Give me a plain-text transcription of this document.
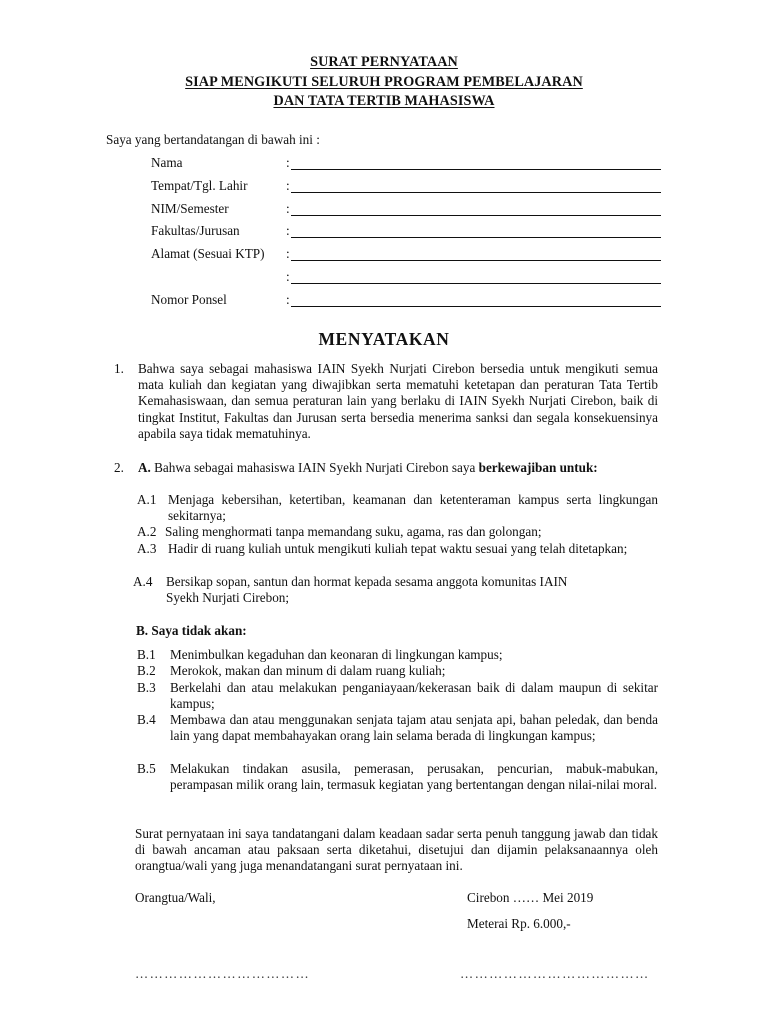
SURAT PERNYATAAN
SIAP MENGIKUTI SELURUH PROGRAM PEMBELAJARAN
DAN TATA TERTIB MAHASISWA
Saya yang bertandatangan di bawah ini :
Nama	:
Tempat/Tgl. Lahir	:
NIM/Semester	:
Fakultas/Jurusan	:
Alamat (Sesuai KTP) :
:
Nomor Ponsel	:
MENYATAKAN
1. Bahwa saya sebagai mahasiswa IAIN Syekh Nurjati Cirebon bersedia untuk mengikuti semua mata kuliah dan kegiatan yang diwajibkan serta mematuhi ketetapan dan peraturan Tata Tertib Kemahasiswaan, dan semua peraturan lain yang berlaku di IAIN Syekh Nurjati Cirebon, baik di tingkat Institut, Fakultas dan Jurusan serta bersedia menerima sanksi dan segala konsekuensinya apabila saya tidak mematuhinya.
2. A. Bahwa sebagai mahasiswa IAIN Syekh Nurjati Cirebon saya berkewajiban untuk:
A.1 Menjaga kebersihan, ketertiban, keamanan dan ketenteraman kampus serta lingkungan sekitarnya;
A.2 Saling menghormati tanpa memandang suku, agama, ras dan golongan;
A.3 Hadir di ruang kuliah untuk mengikuti kuliah tepat waktu sesuai yang telah ditetapkan;
A.4 Bersikap sopan, santun dan hormat kepada sesama anggota komunitas IAIN Syekh Nurjati Cirebon;
B. Saya tidak akan:
B.1 Menimbulkan kegaduhan dan keonaran di lingkungan kampus;
B.2 Merokok, makan dan minum di dalam ruang kuliah;
B.3 Berkelahi dan atau melakukan penganiayaan/kekerasan baik di dalam maupun di sekitar kampus;
B.4 Membawa dan atau menggunakan senjata tajam atau senjata api, bahan peledak, dan benda lain yang dapat membahayakan orang lain selama berada di lingkungan kampus;
B.5 Melakukan tindakan asusila, pemerasan, perusakan, pencurian, mabuk-mabukan, perampasan milik orang lain, termasuk kegiatan yang bertentangan dengan nilai-nilai moral.
Surat pernyataan ini saya tandatangani dalam keadaan sadar serta penuh tanggung jawab dan tidak di bawah ancaman atau paksaan serta diketahui, disetujui dan dijamin pelaksanaannya oleh orangtua/wali yang juga menandatangani surat pernyataan ini.
Orangtua/Wali,	Cirebon …… Mei 2019
Meterai Rp. 6.000,-
………………………………	…………………………………
